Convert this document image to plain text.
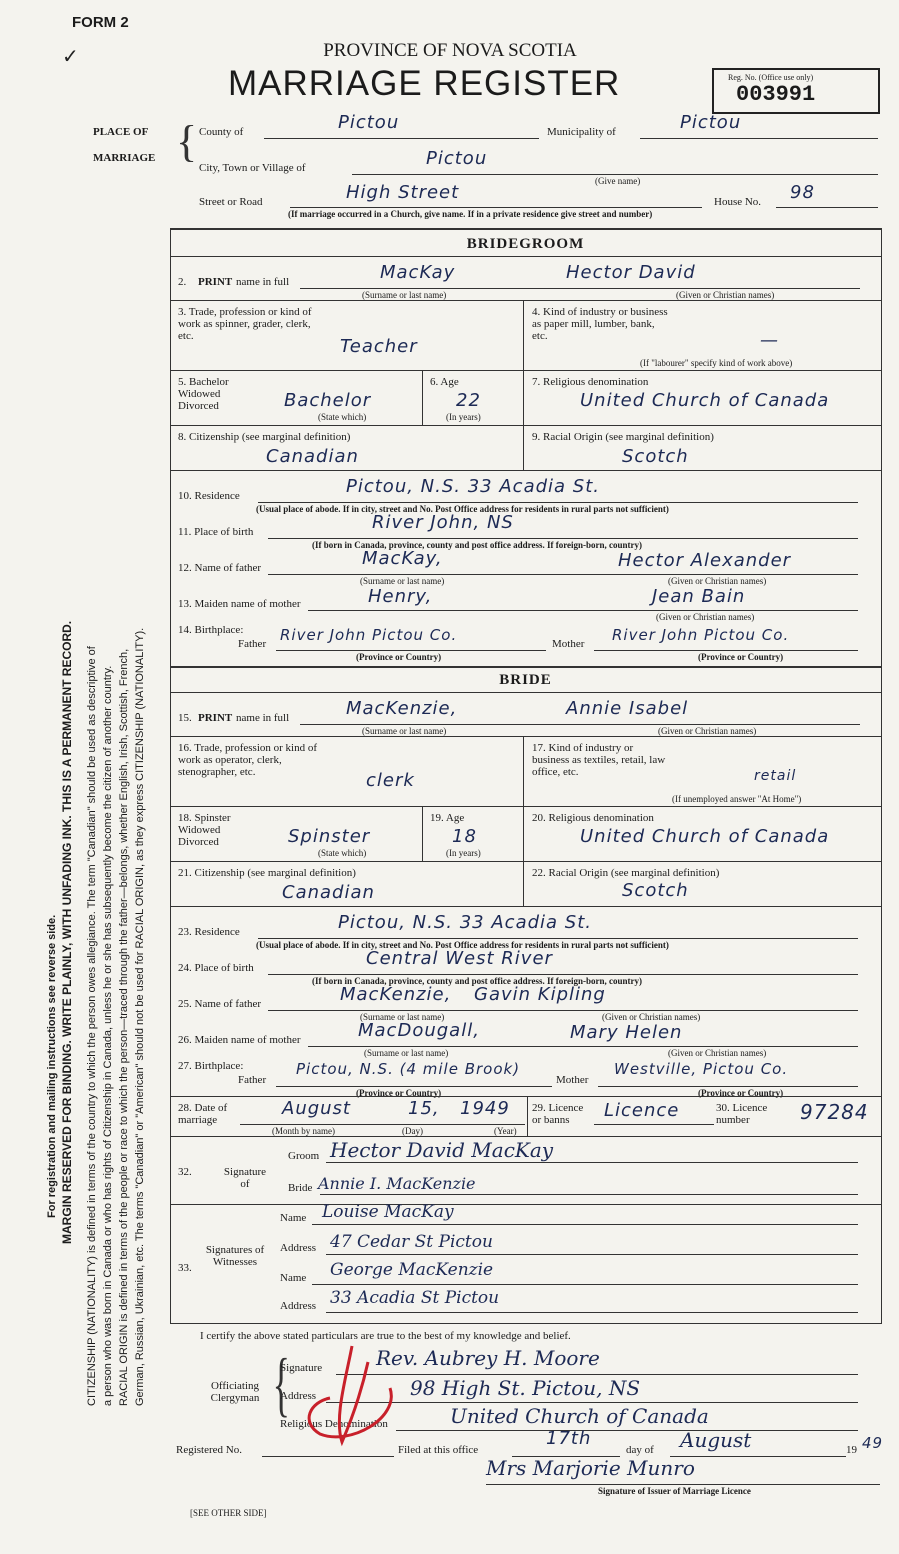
FORM 2
✓	PROVINCE OF NOVA SCOTIA
MARRIAGE REGISTER	Reg. No. (Office use only)
003991
PLACE OF
MARRIAGE { County of	Pictou	Municipality of	Pictou
City, Town or Village of	Pictou
(Give name)
Street or Road	High Street	House No. 98
(If marriage occurred in a Church, give name. If in a private residence give street and number)
BRIDEGROOM
2. PRINT name in full	MacKay	Hector David
(Surname or last name)	(Given or Christian names)
3. Trade, profession or kind of work as spinner, grader, clerk, etc.	Teacher
4. Kind of industry or business as paper mill, lumber, bank, etc.	—
(If "labourer" specify kind of work above)
5. Bachelor Widowed Divorced	Bachelor
(State which)
6. Age
22
(In years)
7. Religious denomination
United Church of Canada
8. Citizenship (see marginal definition)
Canadian
9. Racial Origin (see marginal definition)
Scotch
10. Residence	Pictou, N.S. 33 Acadia St.
(Usual place of abode. If in city, street and No. Post Office address for residents in rural parts not sufficient)
11. Place of birth	River John, NS
(If born in Canada, province, county and post office address. If foreign-born, country)
12. Name of father	MacKay,	Hector Alexander
(Surname or last name)	(Given or Christian names)
13. Maiden name of mother	Henry,	Jean Bain
(Given or Christian names)
14. Birthplace:
Father River John Pictou Co.	Mother River John Pictou Co.
(Province or Country)	(Province or Country)
BRIDE
15. PRINT name in full	MacKenzie,	Annie Isabel
(Surname or last name)	(Given or Christian names)
16. Trade, profession or kind of work as operator, clerk, stenographer, etc.	clerk
17. Kind of industry or business as textiles, retail, law office, etc.	retail
(If unemployed answer "At Home")
18. Spinster Widowed Divorced	Spinster
(State which)
19. Age
18
(In years)
20. Religious denomination
United Church of Canada
21. Citizenship (see marginal definition)
Canadian
22. Racial Origin (see marginal definition)
Scotch
23. Residence	Pictou, N.S. 33 Acadia St.
(Usual place of abode. If in city, street and No. Post Office address for residents in rural parts not sufficient)
24. Place of birth	Central West River
(If born in Canada, province, county and post office address. If foreign-born, country)
25. Name of father	MacKenzie, Gavin Kipling
(Surname or last name)	(Given or Christian names)
26. Maiden name of mother	MacDougall,	Mary Helen
(Surname or last name)	(Given or Christian names)
27. Birthplace:
Father
Pictou, N.S. (4 mile Brook)
Mother
Westville, Pictou Co.
(Province or Country)	(Province or Country)
28. Date of marriage
August	15, 1949
(Month by name)	(Day)	(Year)
29. Licence or banns	Licence	30. Licence number	97284
32.	Signature of
Groom Hector David MacKay
Bride Annie I. MacKenzie
33.
Signatures of Witnesses
Name Louise MacKay
Address 47 Cedar St Pictou
Name George MacKenzie
Address 33 Acadia St Pictou
I certify the above stated particulars are true to the best of my knowledge and belief.
Officiating Clergyman {
Signature	Rev. Aubrey H. Moore
Address	98 High St. Pictou, NS
Religious Denomination	United Church of Canada
Registered No.	Filed at this office
17th
day of August	19 49
Mrs Marjorie Munro
Signature of Issuer of Marriage Licence
[SEE OTHER SIDE]
For registration and mailing instructions see reverse side. MARGIN RESERVED FOR BINDING. WRITE PLAINLY, WITH UNFADING INK. THIS IS A PERMANENT RECORD. CITIZENSHIP (NATIONALITY) is defined in terms of the country to which the person owes allegiance. The term "Canadian" should be used as descriptive of a person who was born in Canada or who has rights of Citizenship in Canada, unless he or she has subsequently become the citizen of another country. RACIAL ORIGIN is defined in terms of the people or race to which the person—traced through the father—belongs, whether English, Irish, Scottish, French, German, Russian, Ukrainian, etc. The terms "Canadian" or "American" should not be used for RACIAL ORIGIN, as they express CITIZENSHIP (NATIONALITY).
